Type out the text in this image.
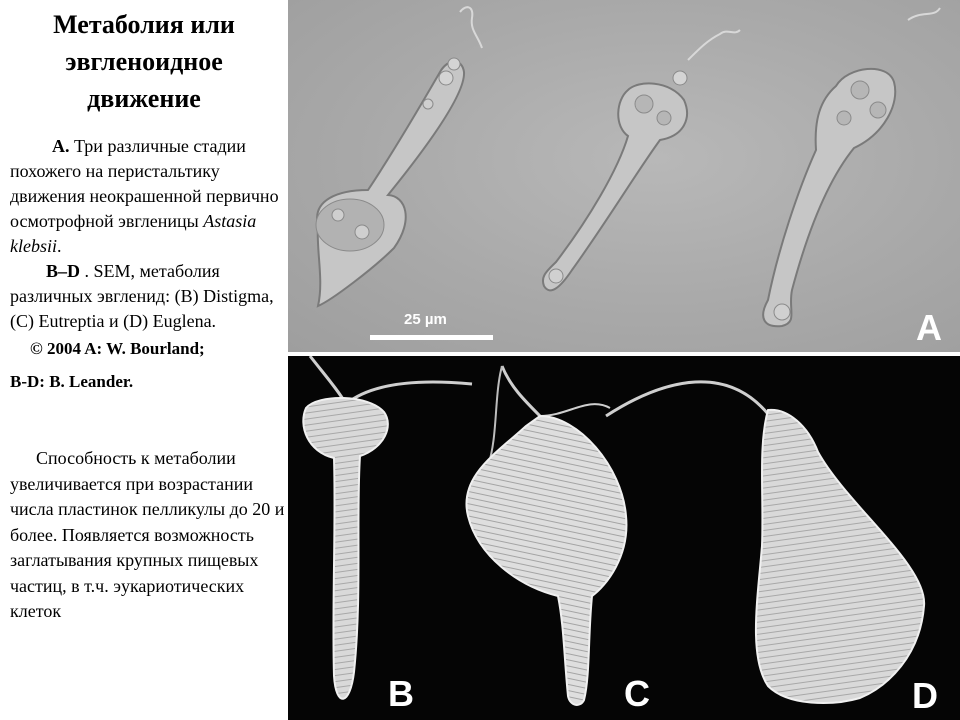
Метаболия или
эвгленоидное
движение

А. Три различные стадии похожего на перистальтику движения неокрашенной первично осмотрофной эвгленицы Astasia klebsii.

B–D . SEM, метаболия различных эвгленид: (B) Distigma, (C) Eutreptia и (D) Euglena.

© 2004 A: W. Bourland;

B-D: B. Leander.

Способность к метаболии увеличивается при возрастании числа пластинок пелликулы до 20 и более. Появляется возможность заглатывания крупных пищевых частиц, в т.ч. эукариотических клеток

25 µm	A
B	C	D
